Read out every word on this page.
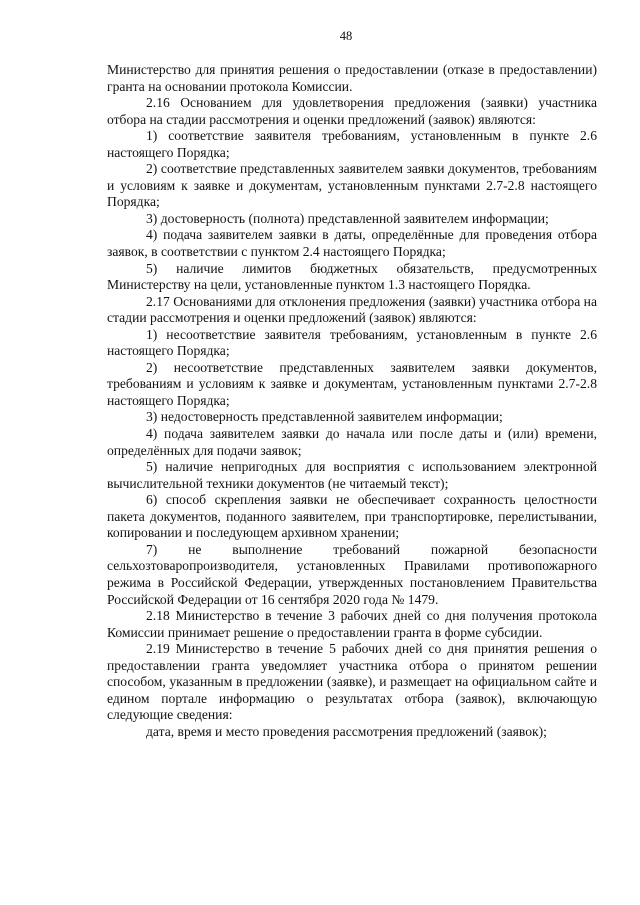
48

Министерство для принятия решения о предоставлении (отказе в предоставлении) гранта на основании протокола Комиссии.

2.16 Основанием для удовлетворения предложения (заявки) участника отбора на стадии рассмотрения и оценки предложений (заявок) являются:

1) соответствие заявителя требованиям, установленным в пункте 2.6 настоящего Порядка;

2) соответствие представленных заявителем заявки документов, требованиям и условиям к заявке и документам, установленным пунктами 2.7-2.8 настоящего Порядка;

3) достоверность (полнота) представленной заявителем информации;

4) подача заявителем заявки в даты, определённые для проведения отбора заявок, в соответствии с пунктом 2.4 настоящего Порядка;

5) наличие лимитов бюджетных обязательств, предусмотренных Министерству на цели, установленные пунктом 1.3 настоящего Порядка.

2.17 Основаниями для отклонения предложения (заявки) участника отбора на стадии рассмотрения и оценки предложений (заявок) являются:

1) несоответствие заявителя требованиям, установленным в пункте 2.6 настоящего Порядка;

2) несоответствие представленных заявителем заявки документов, требованиям и условиям к заявке и документам, установленным пунктами 2.7-2.8 настоящего Порядка;

3) недостоверность представленной заявителем информации;

4) подача заявителем заявки до начала или после даты и (или) времени, определённых для подачи заявок;

5) наличие непригодных для восприятия с использованием электронной вычислительной техники документов (не читаемый текст);

6) способ скрепления заявки не обеспечивает сохранность целостности пакета документов, поданного заявителем, при транспортировке, перелистывании, копировании и последующем архивном хранении;

7) не выполнение требований пожарной безопасности сельхозтоваропроизводителя, установленных Правилами противопожарного режима в Российской Федерации, утвержденных постановлением Правительства Российской Федерации от 16 сентября 2020 года № 1479.

2.18 Министерство в течение 3 рабочих дней со дня получения протокола Комиссии принимает решение о предоставлении гранта в форме субсидии.

2.19 Министерство в течение 5 рабочих дней со дня принятия решения о предоставлении гранта уведомляет участника отбора о принятом решении способом, указанным в предложении (заявке), и размещает на официальном сайте и едином портале информацию о результатах отбора (заявок), включающую следующие сведения:

дата, время и место проведения рассмотрения предложений (заявок);
